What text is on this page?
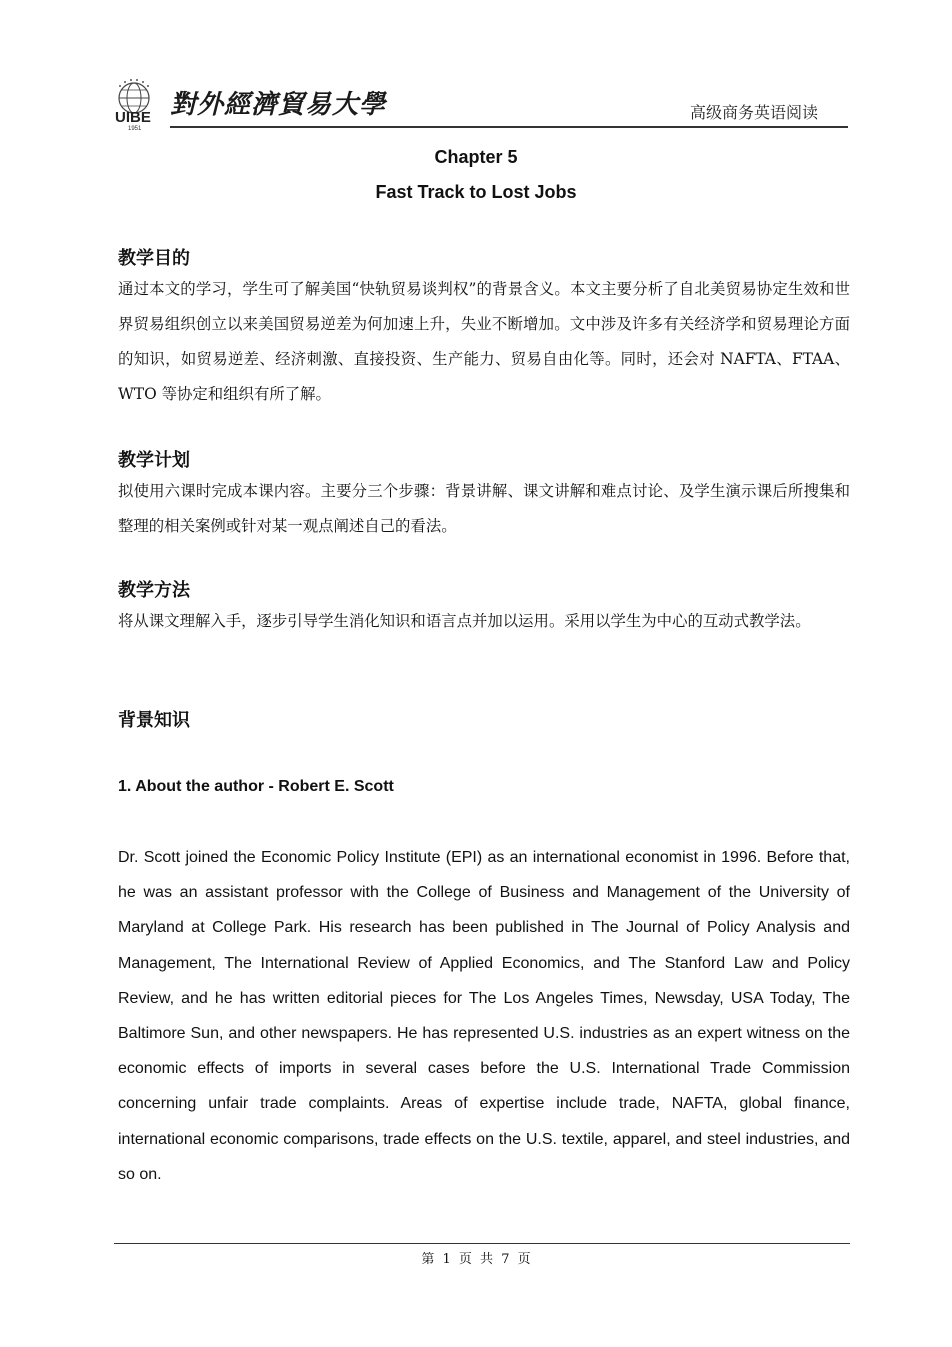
UIBE
1951
對外經濟貿易大學	高级商务英语阅读
Chapter 5
Fast Track to Lost Jobs
教学目的
通过本文的学习，学生可了解美国“快轨贸易谈判权”的背景含义。本文主要分析了自北美贸易协定生效和世界贸易组织创立以来美国贸易逆差为何加速上升，失业不断增加。文中涉及许多有关经济学和贸易理论方面的知识，如贸易逆差、经济刺激、直接投资、生产能力、贸易自由化等。同时，还会对 NAFTA、FTAA、WTO 等协定和组织有所了解。
教学计划
拟使用六课时完成本课内容。主要分三个步骤：背景讲解、课文讲解和难点讨论、及学生演示课后所搜集和整理的相关案例或针对某一观点阐述自己的看法。
教学方法
将从课文理解入手，逐步引导学生消化知识和语言点并加以运用。采用以学生为中心的互动式教学法。
背景知识
1. About the author - Robert E. Scott
Dr. Scott joined the Economic Policy Institute (EPI) as an international economist in 1996. Before that, he was an assistant professor with the College of Business and Management of the University of Maryland at College Park. His research has been published in The Journal of Policy Analysis and Management, The International Review of Applied Economics, and The Stanford Law and Policy Review, and he has written editorial pieces for The Los Angeles Times, Newsday, USA Today, The Baltimore Sun, and other newspapers. He has represented U.S. industries as an expert witness on the economic effects of imports in several cases before the U.S. International Trade Commission concerning unfair trade complaints. Areas of expertise include trade, NAFTA, global finance, international economic comparisons, trade effects on the U.S. textile, apparel, and steel industries, and so on.
第 1 页 共 7 页
